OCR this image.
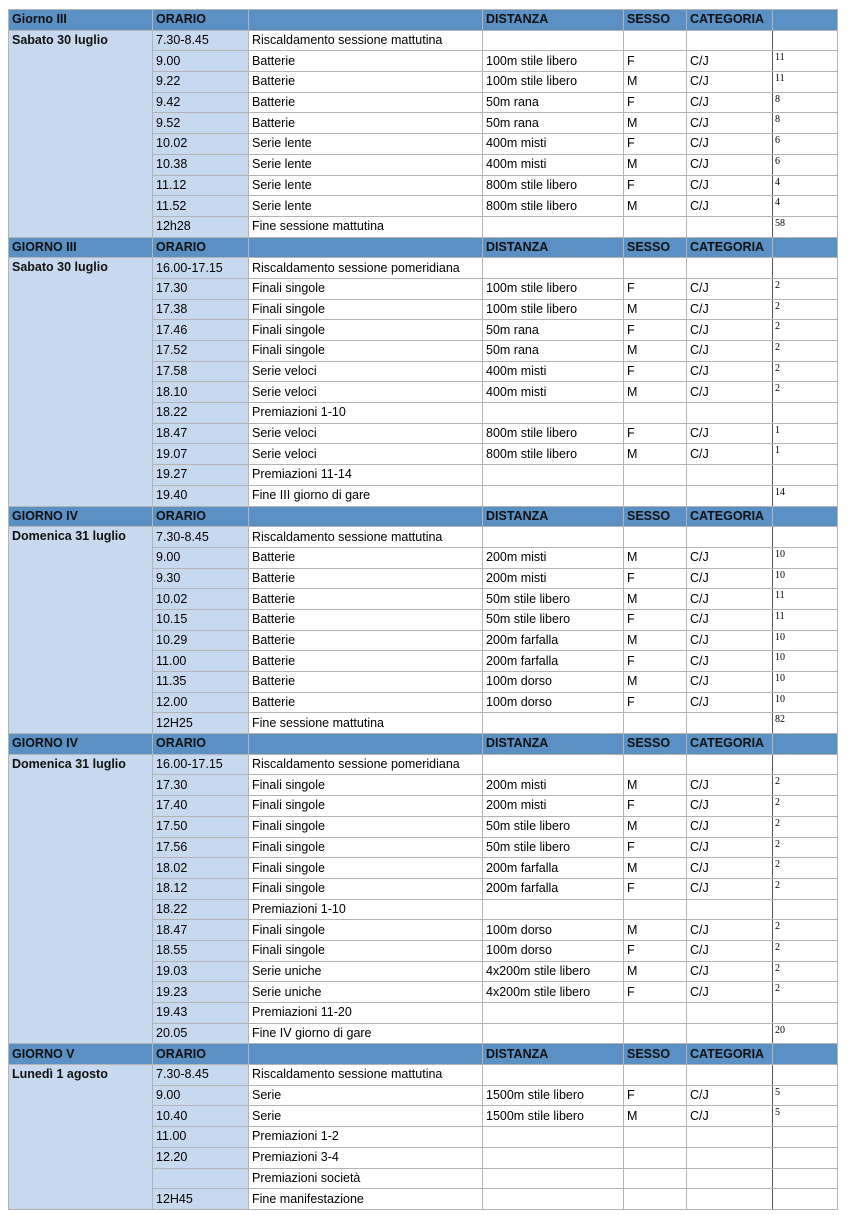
Giorno III	ORARIO		DISTANZA	SESSO	CATEGORIA	
Sabato 30 luglio	7.30-8.45	Riscaldamento sessione mattutina				
	9.00	Batterie	100m stile libero	F	C/J	11
	9.22	Batterie	100m stile libero	M	C/J	11
	9.42	Batterie	50m rana	F	C/J	8
	9.52	Batterie	50m rana	M	C/J	8
	10.02	Serie lente	400m misti	F	C/J	6
	10.38	Serie lente	400m misti	M	C/J	6
	11.12	Serie lente	800m stile libero	F	C/J	4
	11.52	Serie lente	800m stile libero	M	C/J	4
	12h28	Fine sessione mattutina				58
GIORNO III	ORARIO		DISTANZA	SESSO	CATEGORIA	
Sabato 30 luglio	16.00-17.15	Riscaldamento sessione pomeridiana				
	17.30	Finali singole	100m stile libero	F	C/J	2
	17.38	Finali singole	100m stile libero	M	C/J	2
	17.46	Finali singole	50m rana	F	C/J	2
	17.52	Finali singole	50m rana	M	C/J	2
	17.58	Serie veloci	400m misti	F	C/J	2
	18.10	Serie veloci	400m misti	M	C/J	2
	18.22	Premiazioni 1-10				
	18.47	Serie veloci	800m stile libero	F	C/J	1
	19.07	Serie veloci	800m stile libero	M	C/J	1
	19.27	Premiazioni 11-14				
	19.40	Fine III giorno di gare				14
GIORNO IV	ORARIO		DISTANZA	SESSO	CATEGORIA	
Domenica 31 luglio	7.30-8.45	Riscaldamento sessione mattutina				
	9.00	Batterie	200m misti	M	C/J	10
	9.30	Batterie	200m misti	F	C/J	10
	10.02	Batterie	50m stile libero	M	C/J	11
	10.15	Batterie	50m stile libero	F	C/J	11
	10.29	Batterie	200m farfalla	M	C/J	10
	11.00	Batterie	200m farfalla	F	C/J	10
	11.35	Batterie	100m dorso	M	C/J	10
	12.00	Batterie	100m dorso	F	C/J	10
	12H25	Fine sessione mattutina				82
GIORNO IV	ORARIO		DISTANZA	SESSO	CATEGORIA	
Domenica 31 luglio	16.00-17.15	Riscaldamento sessione pomeridiana				
	17.30	Finali singole	200m misti	M	C/J	2
	17.40	Finali singole	200m misti	F	C/J	2
	17.50	Finali singole	50m stile libero	M	C/J	2
	17.56	Finali singole	50m stile libero	F	C/J	2
	18.02	Finali singole	200m farfalla	M	C/J	2
	18.12	Finali singole	200m farfalla	F	C/J	2
	18.22	Premiazioni 1-10				
	18.47	Finali singole	100m dorso	M	C/J	2
	18.55	Finali singole	100m dorso	F	C/J	2
	19.03	Serie uniche	4x200m stile libero	M	C/J	2
	19.23	Serie uniche	4x200m stile libero	F	C/J	2
	19.43	Premiazioni 11-20				
	20.05	Fine IV giorno di gare				20
GIORNO V	ORARIO		DISTANZA	SESSO	CATEGORIA	
Lunedì 1 agosto	7.30-8.45	Riscaldamento sessione mattutina				
	9.00	Serie	1500m stile libero	F	C/J	5
	10.40	Serie	1500m stile libero	M	C/J	5
	11.00	Premiazioni 1-2				
	12.20	Premiazioni 3-4				
		Premiazioni società				
	12H45	Fine manifestazione				
